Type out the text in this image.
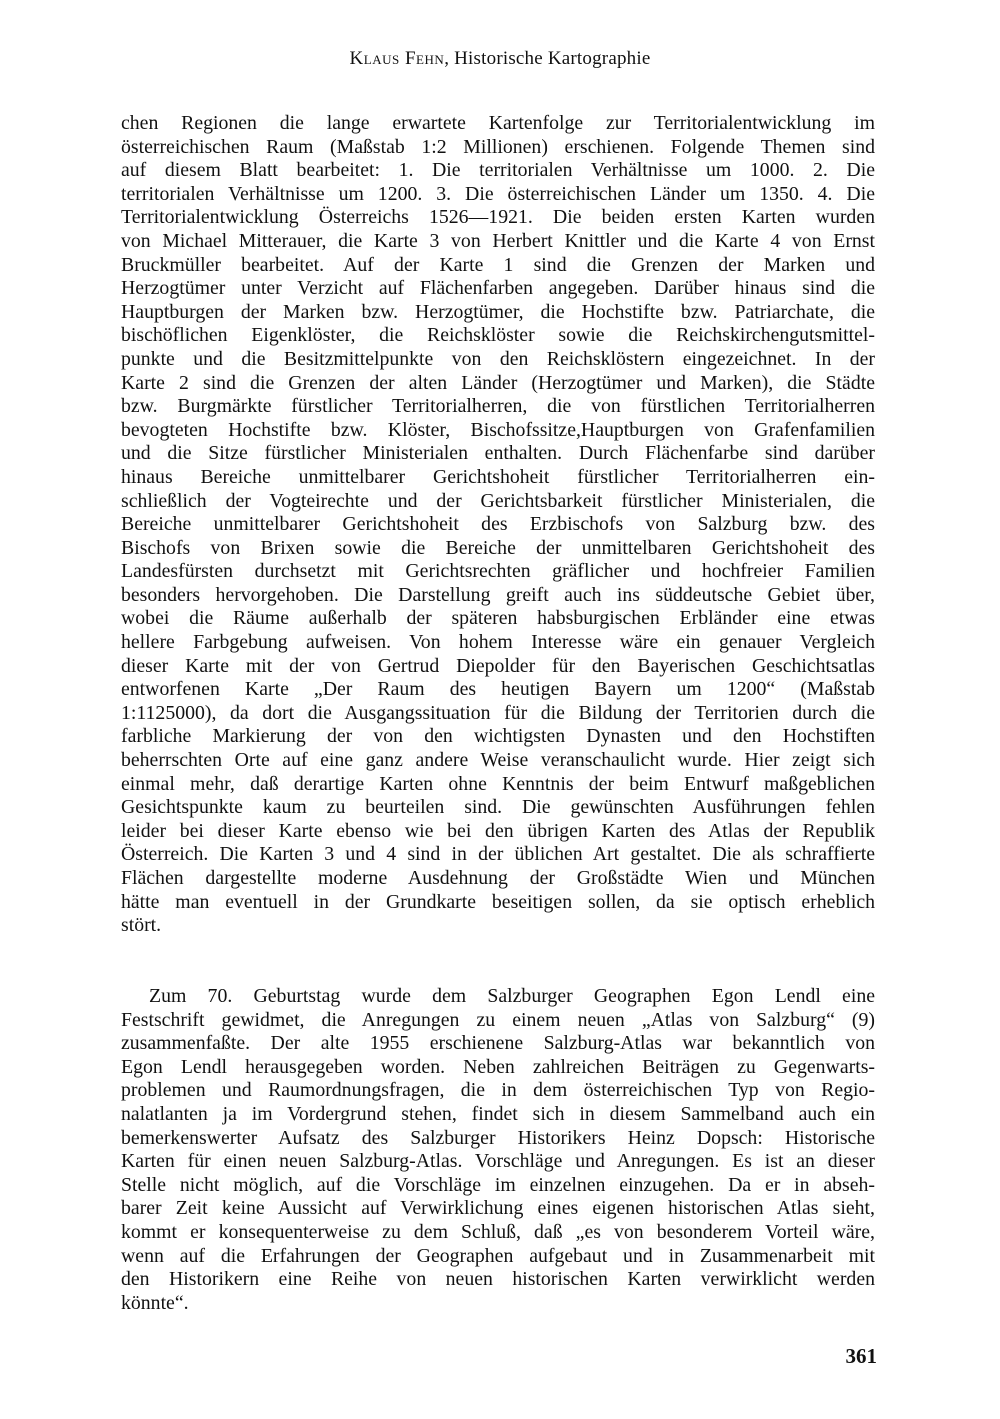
Klaus Fehn, Historische Kartographie
chen Regionen die lange erwartete Kartenfolge zur Territorialentwicklung im
österreichischen Raum (Maßstab 1:2 Millionen) erschienen. Folgende Themen sind
auf diesem Blatt bearbeitet: 1. Die territorialen Verhältnisse um 1000. 2. Die
territorialen Verhältnisse um 1200. 3. Die österreichischen Länder um 1350. 4. Die
Territorialentwicklung Österreichs 1526—1921. Die beiden ersten Karten wurden
von Michael Mitterauer, die Karte 3 von Herbert Knittler und die Karte 4 von Ernst
Bruckmüller bearbeitet. Auf der Karte 1 sind die Grenzen der Marken und
Herzogtümer unter Verzicht auf Flächenfarben angegeben. Darüber hinaus sind die
Hauptburgen der Marken bzw. Herzogtümer, die Hochstifte bzw. Patriarchate, die
bischöflichen Eigenklöster, die Reichsklöster sowie die Reichskirchengutsmittel-
punkte und die Besitzmittelpunkte von den Reichsklöstern eingezeichnet. In der
Karte 2 sind die Grenzen der alten Länder (Herzogtümer und Marken), die Städte
bzw. Burgmärkte fürstlicher Territorialherren, die von fürstlichen Territorialherren
bevogteten Hochstifte bzw. Klöster, Bischofssitze,Hauptburgen von Grafenfamilien
und die Sitze fürstlicher Ministerialen enthalten. Durch Flächenfarbe sind darüber
hinaus Bereiche unmittelbarer Gerichtshoheit fürstlicher Territorialherren ein-
schließlich der Vogteirechte und der Gerichtsbarkeit fürstlicher Ministerialen, die
Bereiche unmittelbarer Gerichtshoheit des Erzbischofs von Salzburg bzw. des
Bischofs von Brixen sowie die Bereiche der unmittelbaren Gerichtshoheit des
Landesfürsten durchsetzt mit Gerichtsrechten gräflicher und hochfreier Familien
besonders hervorgehoben. Die Darstellung greift auch ins süddeutsche Gebiet über,
wobei die Räume außerhalb der späteren habsburgischen Erbländer eine etwas
hellere Farbgebung aufweisen. Von hohem Interesse wäre ein genauer Vergleich
dieser Karte mit der von Gertrud Diepolder für den Bayerischen Geschichtsatlas
entworfenen Karte „Der Raum des heutigen Bayern um 1200“ (Maßstab
1:1125000), da dort die Ausgangssituation für die Bildung der Territorien durch die
farbliche Markierung der von den wichtigsten Dynasten und den Hochstiften
beherrschten Orte auf eine ganz andere Weise veranschaulicht wurde. Hier zeigt sich
einmal mehr, daß derartige Karten ohne Kenntnis der beim Entwurf maßgeblichen
Gesichtspunkte kaum zu beurteilen sind. Die gewünschten Ausführungen fehlen
leider bei dieser Karte ebenso wie bei den übrigen Karten des Atlas der Republik
Österreich. Die Karten 3 und 4 sind in der üblichen Art gestaltet. Die als schraffierte
Flächen dargestellte moderne Ausdehnung der Großstädte Wien und München
hätte man eventuell in der Grundkarte beseitigen sollen, da sie optisch erheblich
stört.
Zum 70. Geburtstag wurde dem Salzburger Geographen Egon Lendl eine
Festschrift gewidmet, die Anregungen zu einem neuen „Atlas von Salzburg“ (9)
zusammenfaßte. Der alte 1955 erschienene Salzburg-Atlas war bekanntlich von
Egon Lendl herausgegeben worden. Neben zahlreichen Beiträgen zu Gegenwarts-
problemen und Raumordnungsfragen, die in dem österreichischen Typ von Regio-
nalatlanten ja im Vordergrund stehen, findet sich in diesem Sammelband auch ein
bemerkenswerter Aufsatz des Salzburger Historikers Heinz Dopsch: Historische
Karten für einen neuen Salzburg-Atlas. Vorschläge und Anregungen. Es ist an dieser
Stelle nicht möglich, auf die Vorschläge im einzelnen einzugehen. Da er in abseh-
barer Zeit keine Aussicht auf Verwirklichung eines eigenen historischen Atlas sieht,
kommt er konsequenterweise zu dem Schluß, daß „es von besonderem Vorteil wäre,
wenn auf die Erfahrungen der Geographen aufgebaut und in Zusammenarbeit mit
den Historikern eine Reihe von neuen historischen Karten verwirklicht werden
könnte“.
361
